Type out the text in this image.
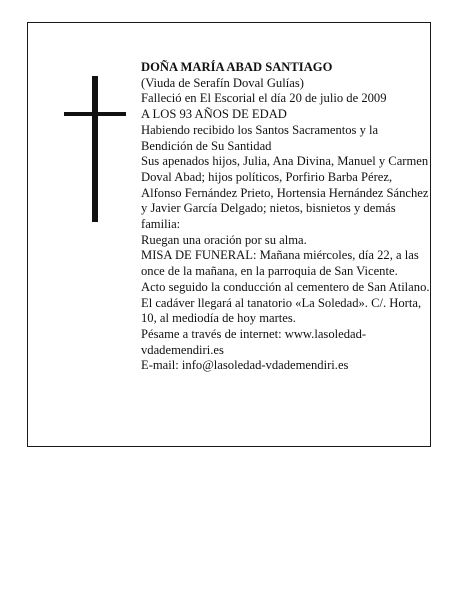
DOÑA MARÍA ABAD SANTIAGO

(Viuda de Serafín Doval Gulías)

Falleció en El Escorial el día 20 de julio de 2009

A LOS 93 AÑOS DE EDAD

Habiendo recibido los Santos Sacramentos y la Bendición de Su Santidad

Sus apenados hijos, Julia, Ana Divina, Manuel y Carmen Doval Abad; hijos políticos, Porfirio Barba Pérez, Alfonso Fernández Prieto, Hortensia Hernández Sánchez y Javier García Delgado; nietos, bisnietos y demás familia:

Ruegan una oración por su alma.

MISA DE FUNERAL: Mañana miércoles, día 22, a las once de la mañana, en la parroquia de San Vicente.

Acto seguido la conducción al cementero de San Atilano.

El cadáver llegará al tanatorio «La Soledad». C/. Horta, 10, al mediodía de hoy martes.

Pésame a través de internet: www.lasoledad-vdademendiri.es

E-mail: info@lasoledad-vdademendiri.es
